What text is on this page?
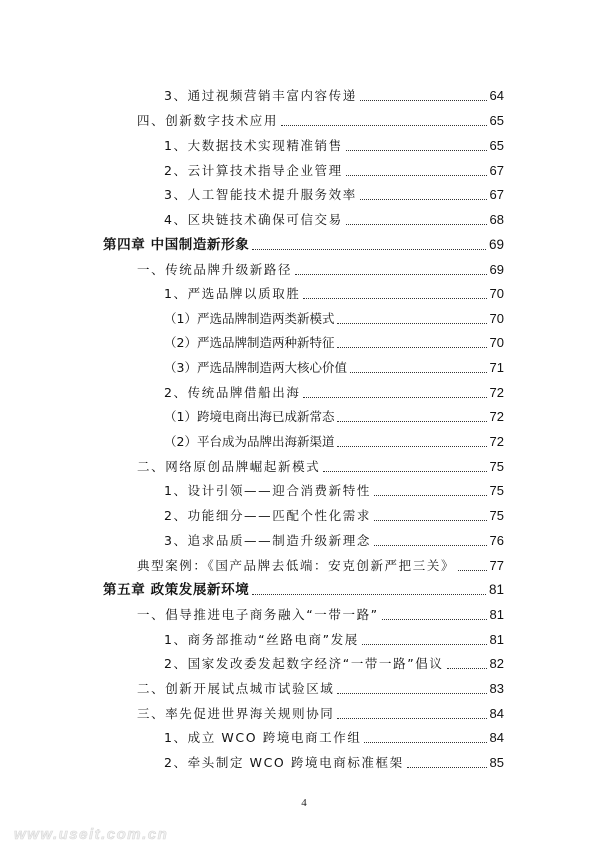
3、通过视频营销丰富内容传递	64
四、创新数字技术应用	65
1、大数据技术实现精准销售	65
2、云计算技术指导企业管理	67
3、人工智能技术提升服务效率	67
4、区块链技术确保可信交易	68
第四章 中国制造新形象	69
一、传统品牌升级新路径	69
1、严选品牌以质取胜	70
（1）严选品牌制造两类新模式	70
（2）严选品牌制造两种新特征	70
（3）严选品牌制造两大核心价值	71
2、传统品牌借船出海	72
（1）跨境电商出海已成新常态	72
（2）平台成为品牌出海新渠道	72
二、网络原创品牌崛起新模式	75
1、设计引领——迎合消费新特性	75
2、功能细分——匹配个性化需求	75
3、追求品质——制造升级新理念	76
典型案例：《国产品牌去低端：安克创新严把三关》	77
第五章 政策发展新环境	81
一、倡导推进电子商务融入“一带一路”	81
1、商务部推动“丝路电商”发展	81
2、国家发改委发起数字经济“一带一路”倡议	82
二、创新开展试点城市试验区域	83
三、率先促进世界海关规则协同	84
1、成立 WCO 跨境电商工作组	84
2、牵头制定 WCO 跨境电商标准框架	85
4
www.useit.com.cn
